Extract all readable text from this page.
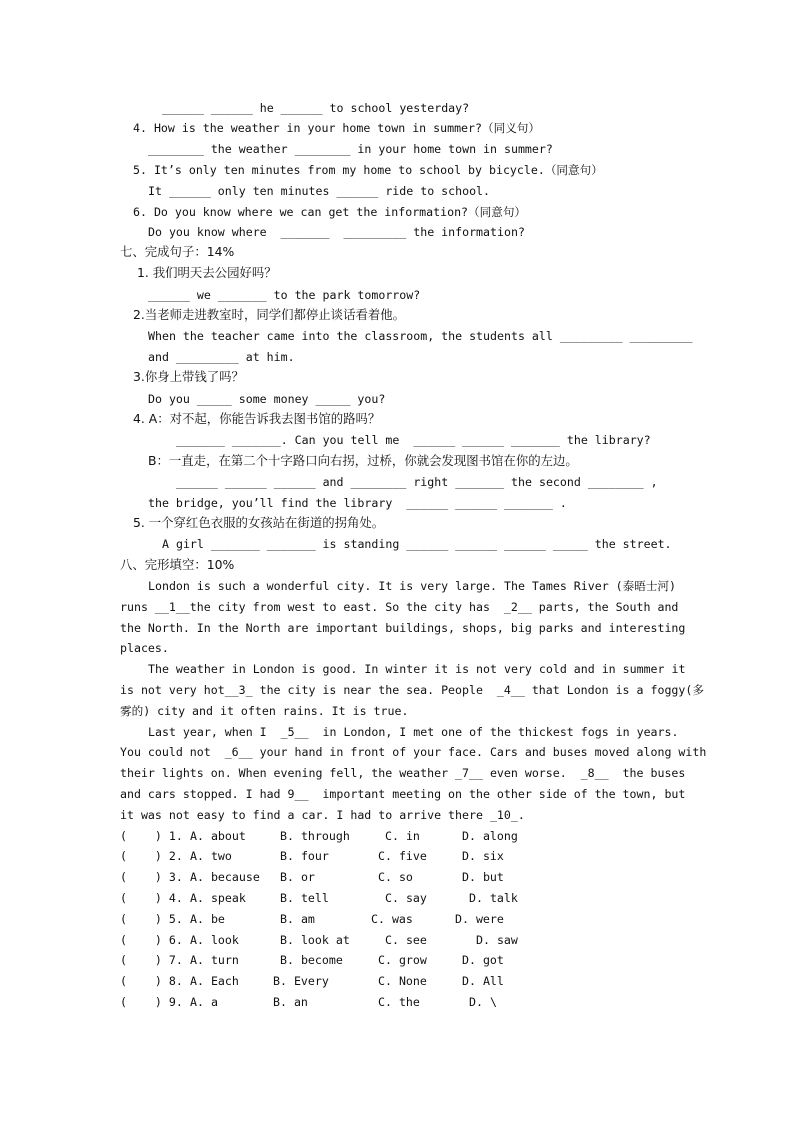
______ ______ he ______ to school yesterday?
4. How is the weather in your home town in summer?（同义句）
________ the weather ________ in your home town in summer?
5. It’s only ten minutes from my home to school by bicycle.（同意句）
It ______ only ten minutes ______ ride to school.
6. Do you know where we can get the information?（同意句）
Do you know where  _______  _________ the information?
1. 我们明天去公园好吗？
______ we _______ to the park tomorrow?
2.当老师走进教室时，同学们都停止谈话看着他。
When the teacher came into the classroom, the students all _________ _________
and _________ at him.
3.你身上带钱了吗？
Do you _____ some money _____ you?
4. A：对不起，你能告诉我去图书馆的路吗？
_______ _______. Can you tell me  ______ ______ _______ the library?
B：一直走，在第二个十字路口向右拐，过桥，你就会发现图书馆在你的左边。
______ ______ ______ and ________ right _______ the second ________ ,
the bridge, you’ll find the library  ______ ______ _______ .
5. 一个穿红色衣服的女孩站在街道的拐角处。
A girl _______ _______ is standing ______ ______ ______ _____ the street.
London is such a wonderful city. It is very large. The Tames River (泰晤士河)
runs __1__the city from west to east. So the city has  _2__ parts, the South and
the North. In the North are important buildings, shops, big parks and interesting
places.
The weather in London is good. In winter it is not very cold and in summer it
is not very hot__3_ the city is near the sea. People  _4__ that London is a foggy(多
雾的) city and it often rains. It is true.
Last year, when I  _5__  in London, I met one of the thickest fogs in years.
You could not  _6__ your hand in front of your face. Cars and buses moved along with
their lights on. When evening fell, the weather _7__ even worse.  _8__  the buses
and cars stopped. I had 9__  important meeting on the other side of the town, but
it was not easy to find a car. I had to arrive there _10_.
(    ) 1. A. about	B. through	C. in	D. along
(    ) 2. A. two	B. four	C. five	D. six
(    ) 3. A. because B. or	C. so	D. but
(    ) 4. A. speak	B. tell	C. say	D. talk
(    ) 5. A. be	B. am	C. was	D. were
(    ) 6. A. look	B. look at	C. see	D. saw
(    ) 7. A. turn	B. become	C. grow	D. got
(    ) 8. A. Each	B. Every	C. None	D. All
(    ) 9. A. a	B. an	C. the	D. \
七、完成句子：14%
八、完形填空：10%
